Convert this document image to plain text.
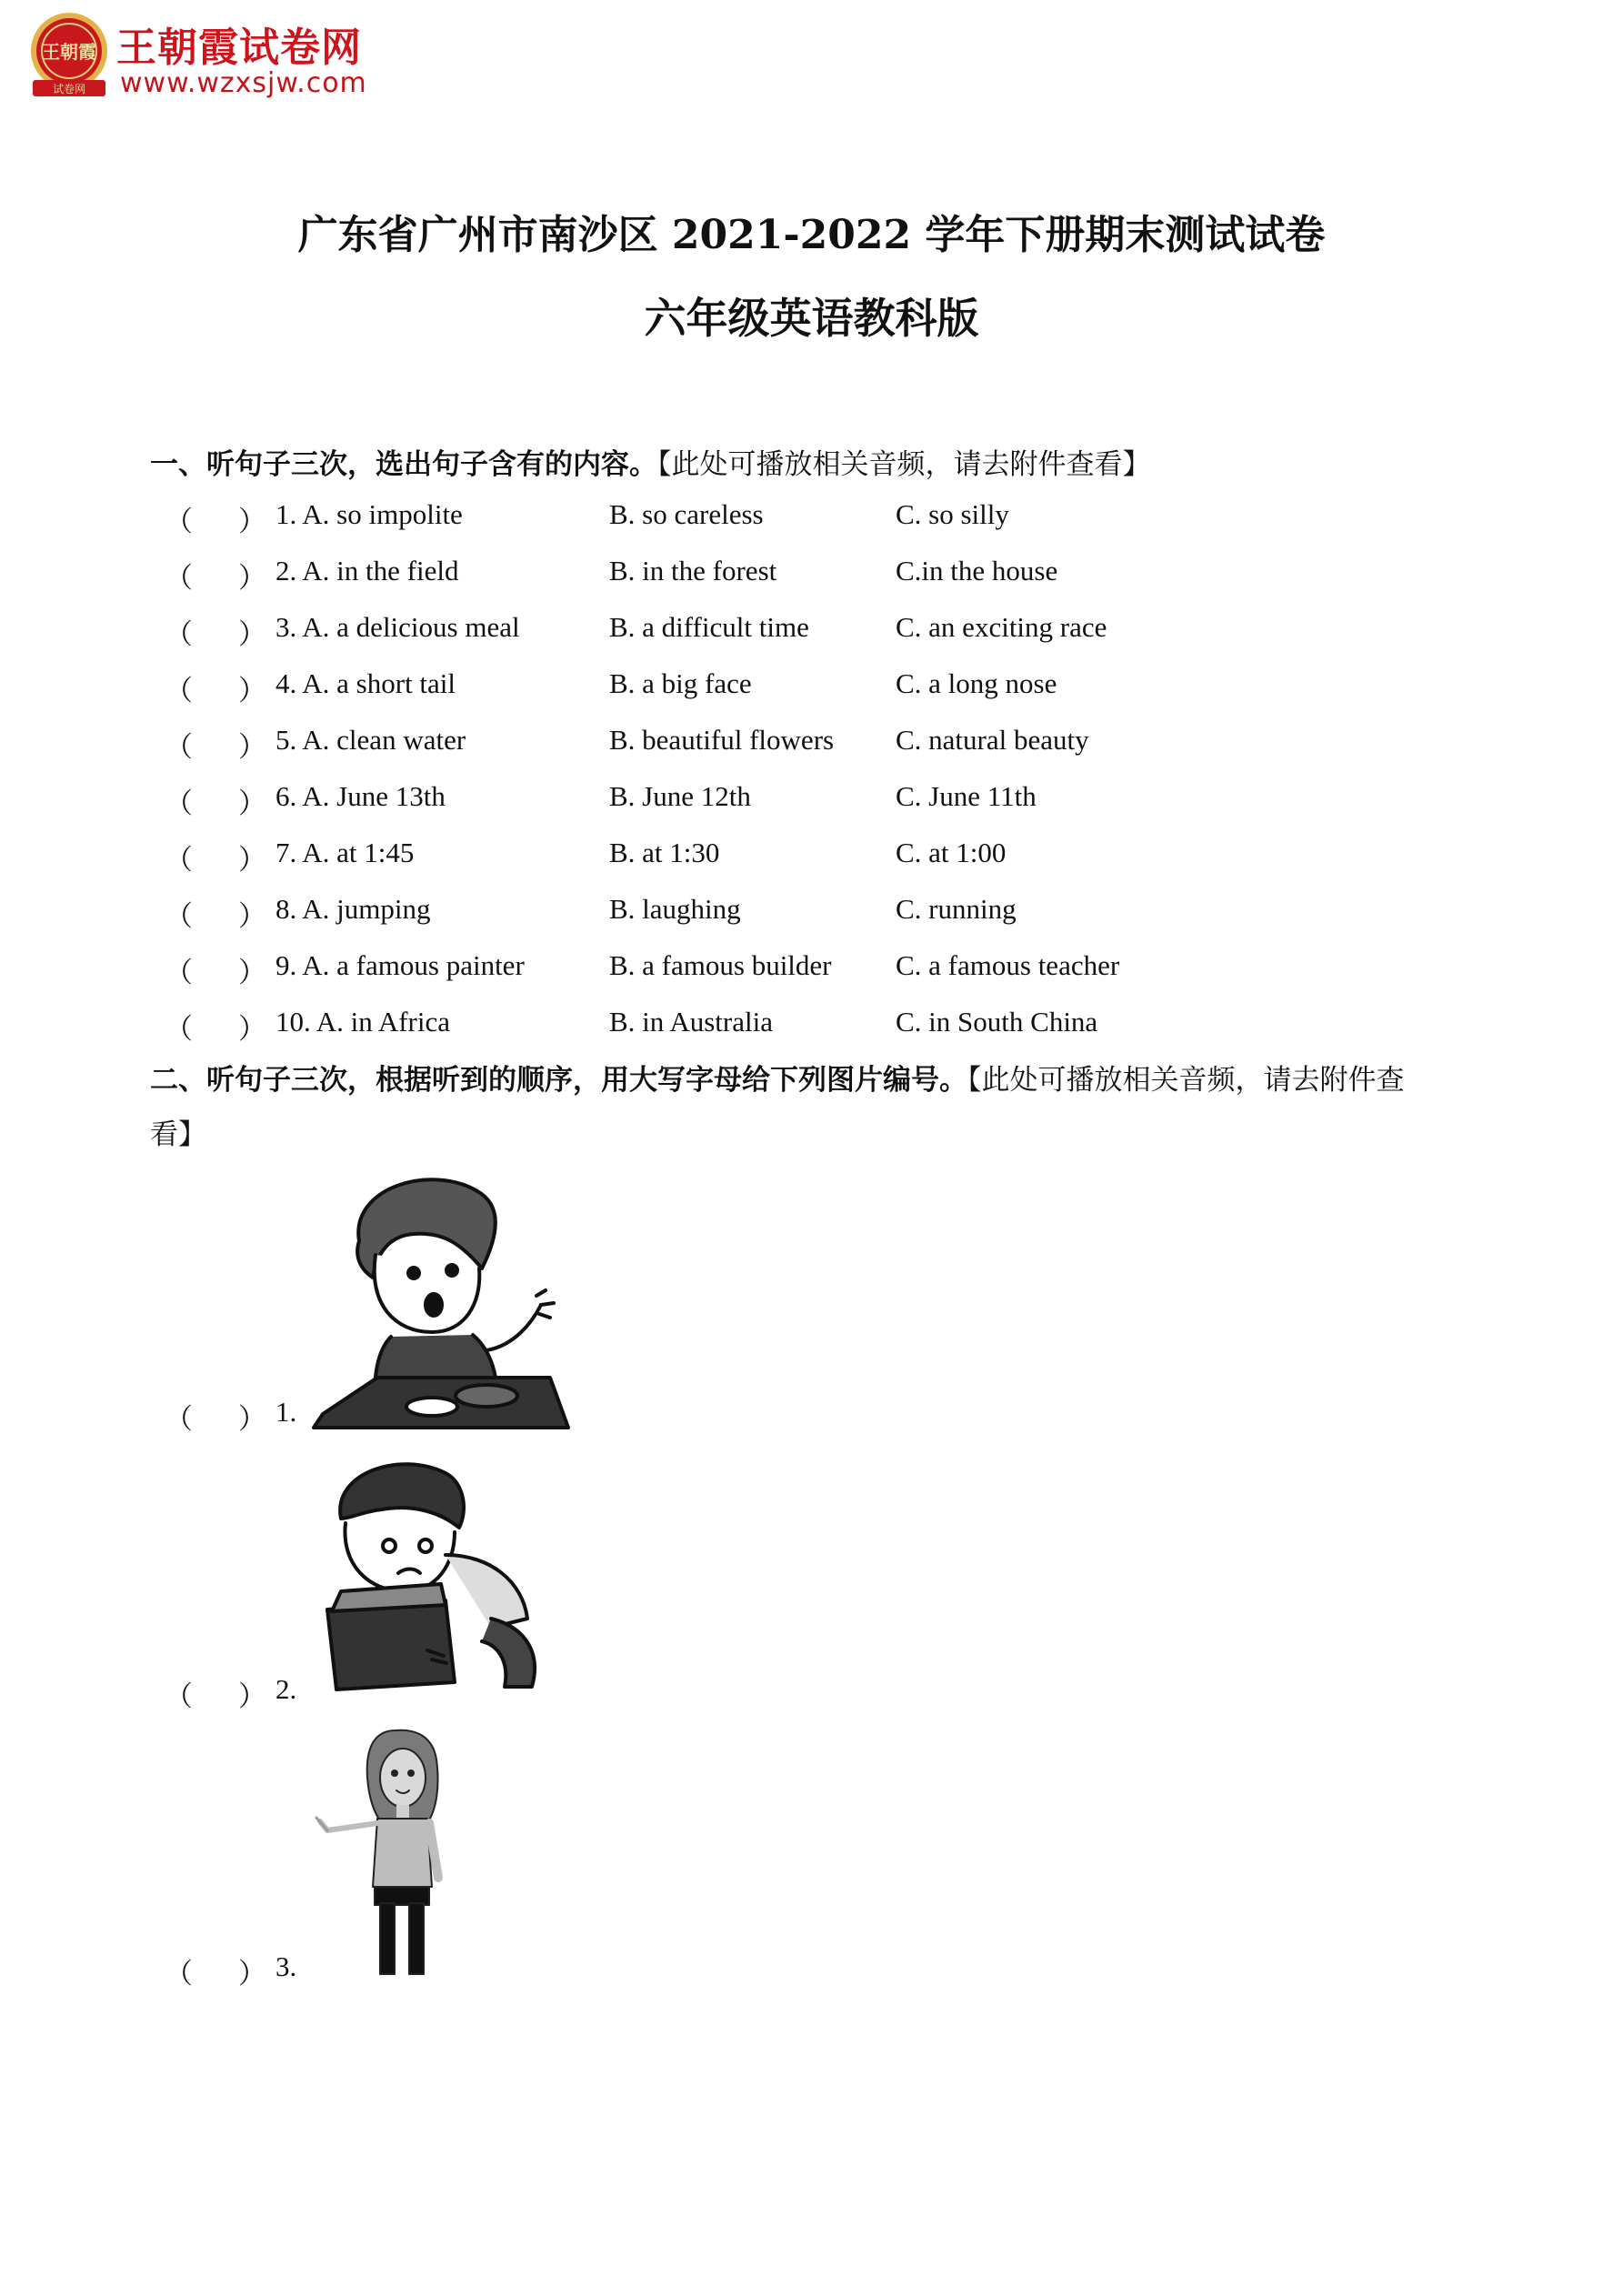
王朝霞
试卷网
王朝霞试卷网
www.wzxsjw.com
广东省广州市南沙区 2021-2022 学年下册期末测试试卷
六年级英语教科版
一、听句子三次，选出句子含有的内容。【此处可播放相关音频，请去附件查看】
（ ） 1. A. so impolite	B. so careless	C. so silly
（ ） 2. A. in the field	B. in the forest	C.in the house
（ ） 3. A. a delicious meal	B. a difficult time	C. an exciting race
（ ） 4. A. a short tail	B. a big face	C. a long nose
（ ） 5. A. clean water	B. beautiful flowers C. natural beauty
（ ） 6. A. June 13th	B. June 12th	C. June 11th
（ ） 7. A. at 1:45	B. at 1:30	C. at 1:00
（ ） 8. A. jumping	B. laughing	C. running
（ ） 9. A. a famous painter	B. a famous builder C. a famous teacher
（ ） 10. A. in Africa	B. in Australia	C. in South China
二、听句子三次，根据听到的顺序，用大写字母给下列图片编号。【此处可播放相关音频，请去附件查
看】
（ ） 1.
（ ） 2.
（ ） 3.
